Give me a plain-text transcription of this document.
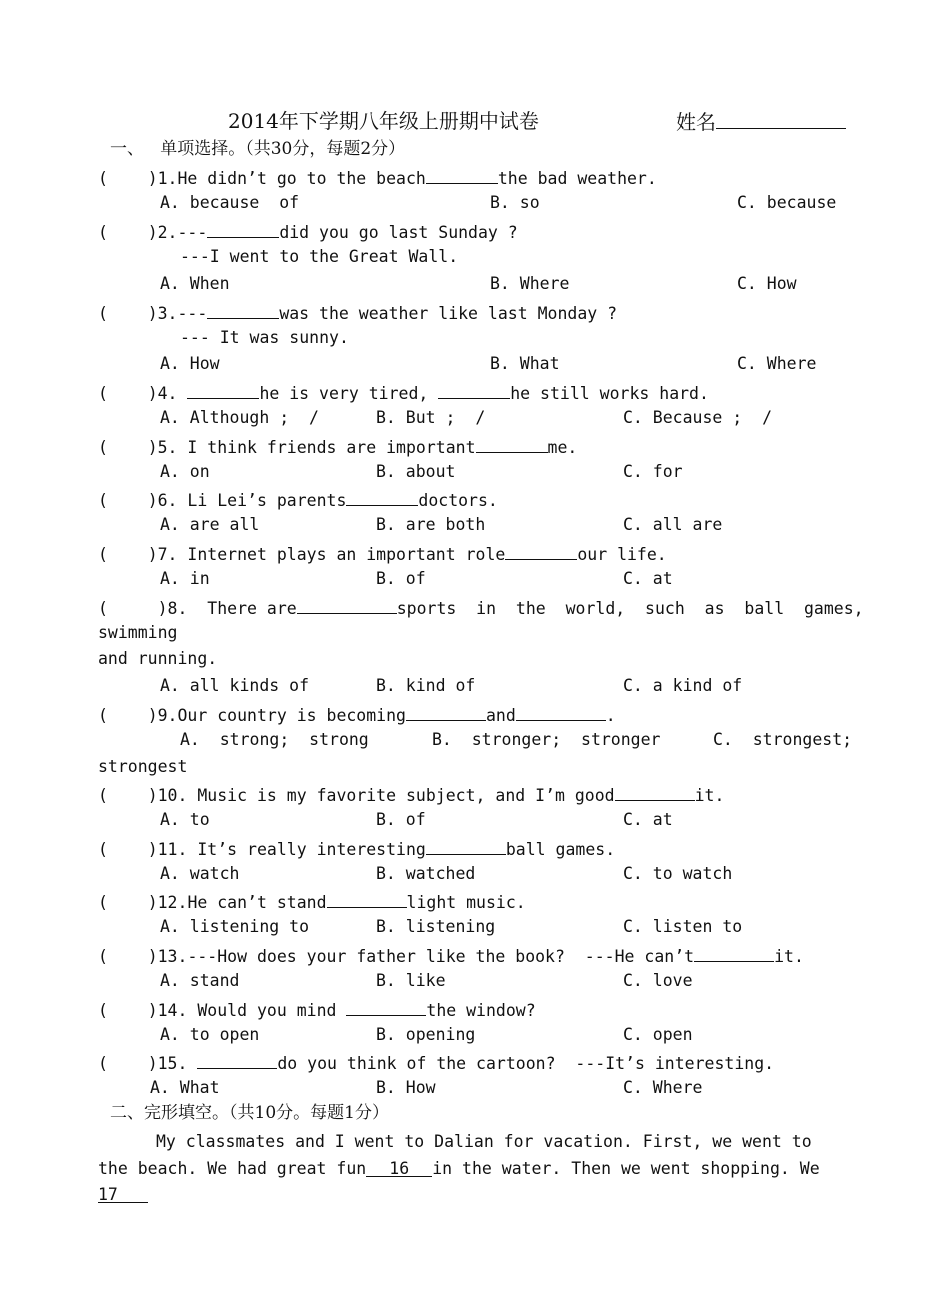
2014年下学期八年级上册期中试卷	姓名
一、   单项选择。（共30分，每题2分）
( )1.He didn’t go to the beach	the bad weather.
A. because  of	B. so	C. because
( )2.---	did you go last Sunday ?
---I went to the Great Wall.
A. When	B. Where	C. How
( )3.---	was the weather like last Monday ?
--- It was sunny.
A. How	B. What	C. Where
( )4.	he is very tired,	he still works hard.
A. Although ;  /	B. But ;  /	C. Because ;  /
( )5. I think friends are important	me.
A. on	B. about	C. for
( )6. Li Lei’s parents	doctors.
A. are all	B. are both	C. all are
( )7. Internet plays an important role	our life.
A. in	B. of	C. at
(	)8.  There are	sports  in  the  world,  such  as  ball  games,
swimming
and running.
A. all kinds of	B. kind of	C. a kind of
( )9.Our country is becoming	and	.
A.  strong;  strong	B.  stronger;  stronger	C.  strongest;
strongest
( )10. Music is my favorite subject, and I’m good	it.
A. to	B. of	C. at
( )11. It’s really interesting	ball games.
A. watch	B. watched	C. to watch
( )12.He can’t stand	light music.
A. listening to	B. listening	C. listen to
( )13.---How does your father like the book?  ---He can’t	it.
A. stand	B. like	C. love
( )14. Would you mind	the window?
A. to open	B. opening	C. open
( )15.	do you think of the cartoon?  ---It’s interesting.
A. What	B. How	C. Where
二、完形填空。（共10分。每题1分）
My classmates and I went to Dalian for vacation. First, we went to
the beach. We had great fun 16 in the water. Then we went shopping. We
17
